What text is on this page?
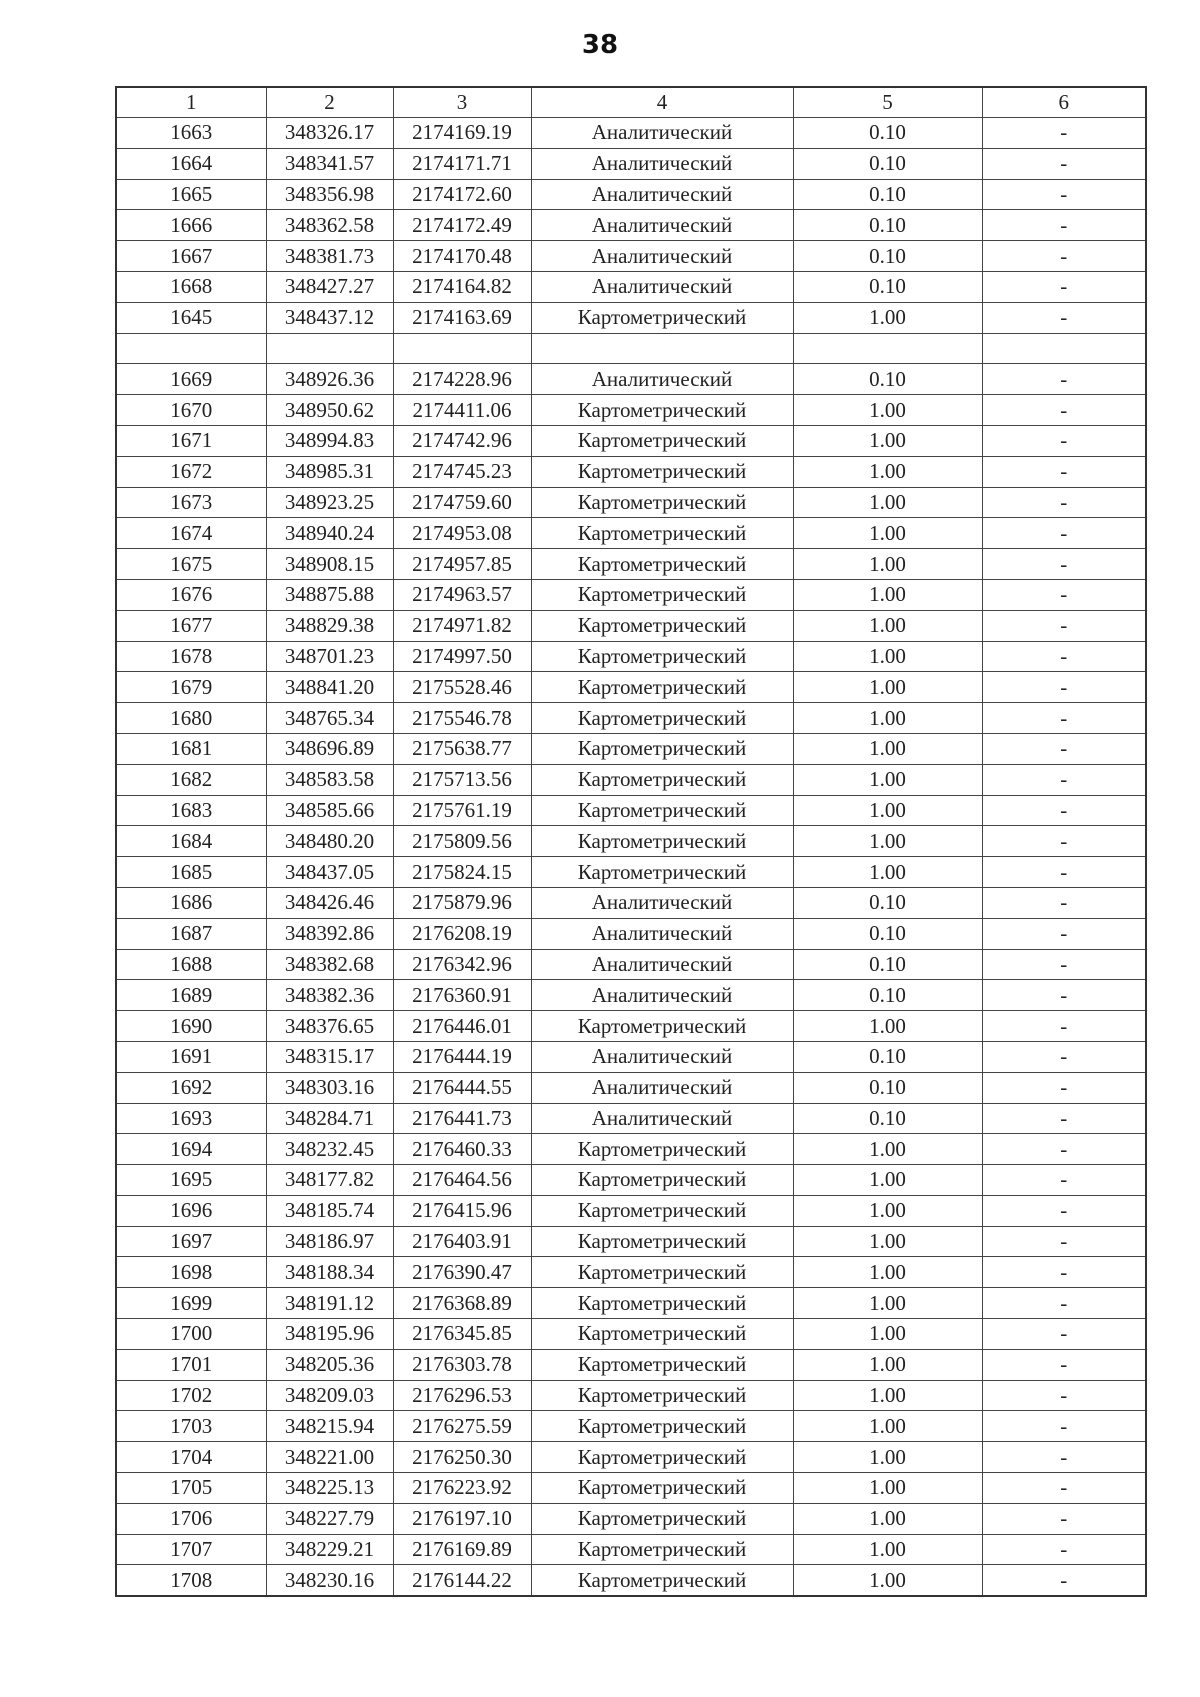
38
1	2	3	4	5	6
1663	348326.17	2174169.19	Аналитический	0.10	-
1664	348341.57	2174171.71	Аналитический	0.10	-
1665	348356.98	2174172.60	Аналитический	0.10	-
1666	348362.58	2174172.49	Аналитический	0.10	-
1667	348381.73	2174170.48	Аналитический	0.10	-
1668	348427.27	2174164.82	Аналитический	0.10	-
1645	348437.12	2174163.69	Картометрический	1.00	-

1669	348926.36	2174228.96	Аналитический	0.10	-
1670	348950.62	2174411.06	Картометрический	1.00	-
1671	348994.83	2174742.96	Картометрический	1.00	-
1672	348985.31	2174745.23	Картометрический	1.00	-
1673	348923.25	2174759.60	Картометрический	1.00	-
1674	348940.24	2174953.08	Картометрический	1.00	-
1675	348908.15	2174957.85	Картометрический	1.00	-
1676	348875.88	2174963.57	Картометрический	1.00	-
1677	348829.38	2174971.82	Картометрический	1.00	-
1678	348701.23	2174997.50	Картометрический	1.00	-
1679	348841.20	2175528.46	Картометрический	1.00	-
1680	348765.34	2175546.78	Картометрический	1.00	-
1681	348696.89	2175638.77	Картометрический	1.00	-
1682	348583.58	2175713.56	Картометрический	1.00	-
1683	348585.66	2175761.19	Картометрический	1.00	-
1684	348480.20	2175809.56	Картометрический	1.00	-
1685	348437.05	2175824.15	Картометрический	1.00	-
1686	348426.46	2175879.96	Аналитический	0.10	-
1687	348392.86	2176208.19	Аналитический	0.10	-
1688	348382.68	2176342.96	Аналитический	0.10	-
1689	348382.36	2176360.91	Аналитический	0.10	-
1690	348376.65	2176446.01	Картометрический	1.00	-
1691	348315.17	2176444.19	Аналитический	0.10	-
1692	348303.16	2176444.55	Аналитический	0.10	-
1693	348284.71	2176441.73	Аналитический	0.10	-
1694	348232.45	2176460.33	Картометрический	1.00	-
1695	348177.82	2176464.56	Картометрический	1.00	-
1696	348185.74	2176415.96	Картометрический	1.00	-
1697	348186.97	2176403.91	Картометрический	1.00	-
1698	348188.34	2176390.47	Картометрический	1.00	-
1699	348191.12	2176368.89	Картометрический	1.00	-
1700	348195.96	2176345.85	Картометрический	1.00	-
1701	348205.36	2176303.78	Картометрический	1.00	-
1702	348209.03	2176296.53	Картометрический	1.00	-
1703	348215.94	2176275.59	Картометрический	1.00	-
1704	348221.00	2176250.30	Картометрический	1.00	-
1705	348225.13	2176223.92	Картометрический	1.00	-
1706	348227.79	2176197.10	Картометрический	1.00	-
1707	348229.21	2176169.89	Картометрический	1.00	-
1708	348230.16	2176144.22	Картометрический	1.00	-
